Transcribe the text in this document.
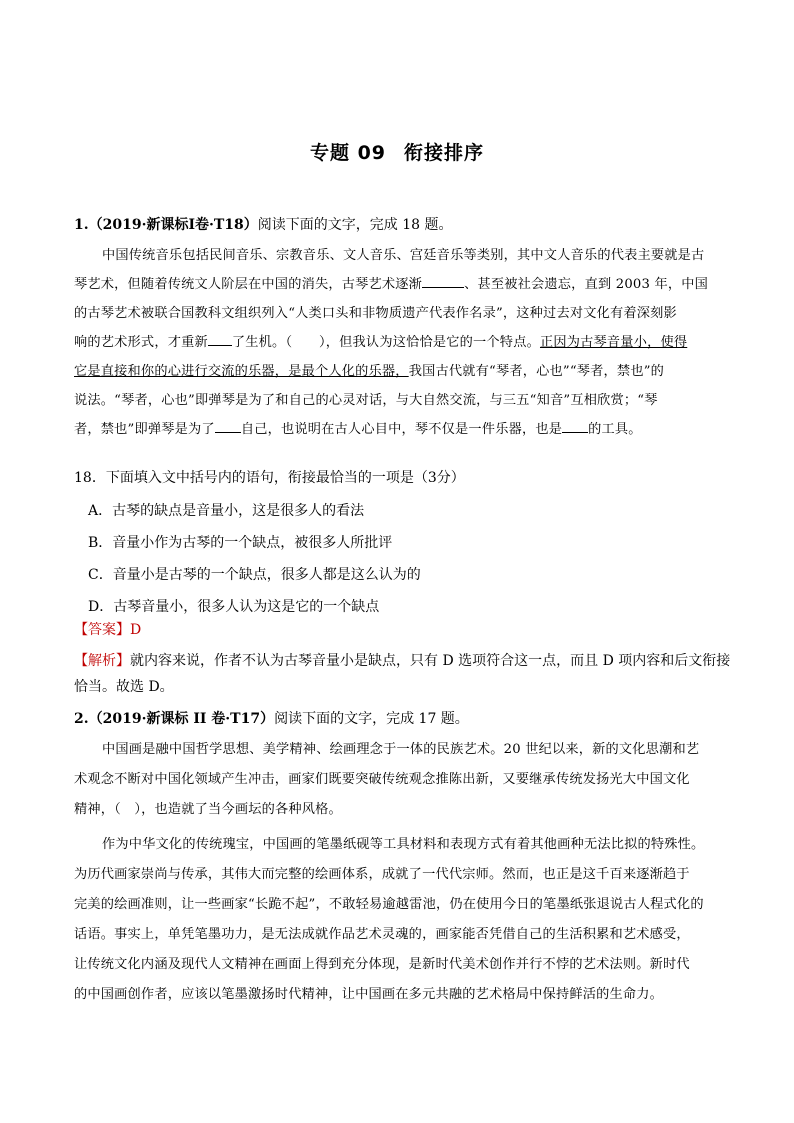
专题 09 衔接排序
1.（2019·新课标Ⅰ卷·T18）阅读下面的文字，完成 18 题。
中国传统音乐包括民间音乐、宗教音乐、文人音乐、宫廷音乐等类别，其中文人音乐的代表主要就是古
琴艺术，但随着传统文人阶层在中国的消失，古琴艺术逐渐	、甚至被社会遗忘，直到 2003 年，中国
的古琴艺术被联合国教科文组织列入“人类口头和非物质遗产代表作名录”，这种过去对文化有着深刻影
响的艺术形式，才重新 了生机。（　　），但我认为这恰恰是它的一个特点。正因为古琴音量小，使得
它是直接和你的心进行交流的乐器，是最个人化的乐器，我国古代就有“琴者，心也”“琴者，禁也”的
说法。“琴者，心也”即弹琴是为了和自己的心灵对话，与大自然交流，与三五“知音”互相欣赏；“琴
者，禁也”即弹琴是为了 自己，也说明在古人心目中，琴不仅是一件乐器，也是 的工具。
18．下面填入文中括号内的语句，衔接最恰当的一项是（3分）
A．古琴的缺点是音量小，这是很多人的看法
B．音量小作为古琴的一个缺点，被很多人所批评
C．音量小是古琴的一个缺点，很多人都是这么认为的
D．古琴音量小，很多人认为这是它的一个缺点
【答案】D
【解析】就内容来说，作者不认为古琴音量小是缺点，只有 D 选项符合这一点，而且 D 项内容和后文衔接
恰当。故选 D。
2.（2019·新课标 II 卷·T17）阅读下面的文字，完成 17 题。
中国画是融中国哲学思想、美学精神、绘画理念于一体的民族艺术。20 世纪以来，新的文化思潮和艺
术观念不断对中国化领域产生冲击，画家们既要突破传统观念推陈出新，又要继承传统发扬光大中国文化
精神，（　），也造就了当今画坛的各种风格。
作为中华文化的传统瑰宝，中国画的笔墨纸砚等工具材料和表现方式有着其他画种无法比拟的特殊性。
为历代画家崇尚与传承，其伟大而完整的绘画体系，成就了一代代宗师。然而，也正是这千百来逐渐趋于
完美的绘画准则，让一些画家“长跪不起”，不敢轻易逾越雷池，仍在使用今日的笔墨纸张退说古人程式化的
话语。事实上，单凭笔墨功力，是无法成就作品艺术灵魂的，画家能否凭借自己的生活积累和艺术感受，
让传统文化内涵及现代人文精神在画面上得到充分体现，是新时代美术创作并行不悖的艺术法则。新时代
的中国画创作者，应该以笔墨激扬时代精神，让中国画在多元共融的艺术格局中保持鲜活的生命力。
